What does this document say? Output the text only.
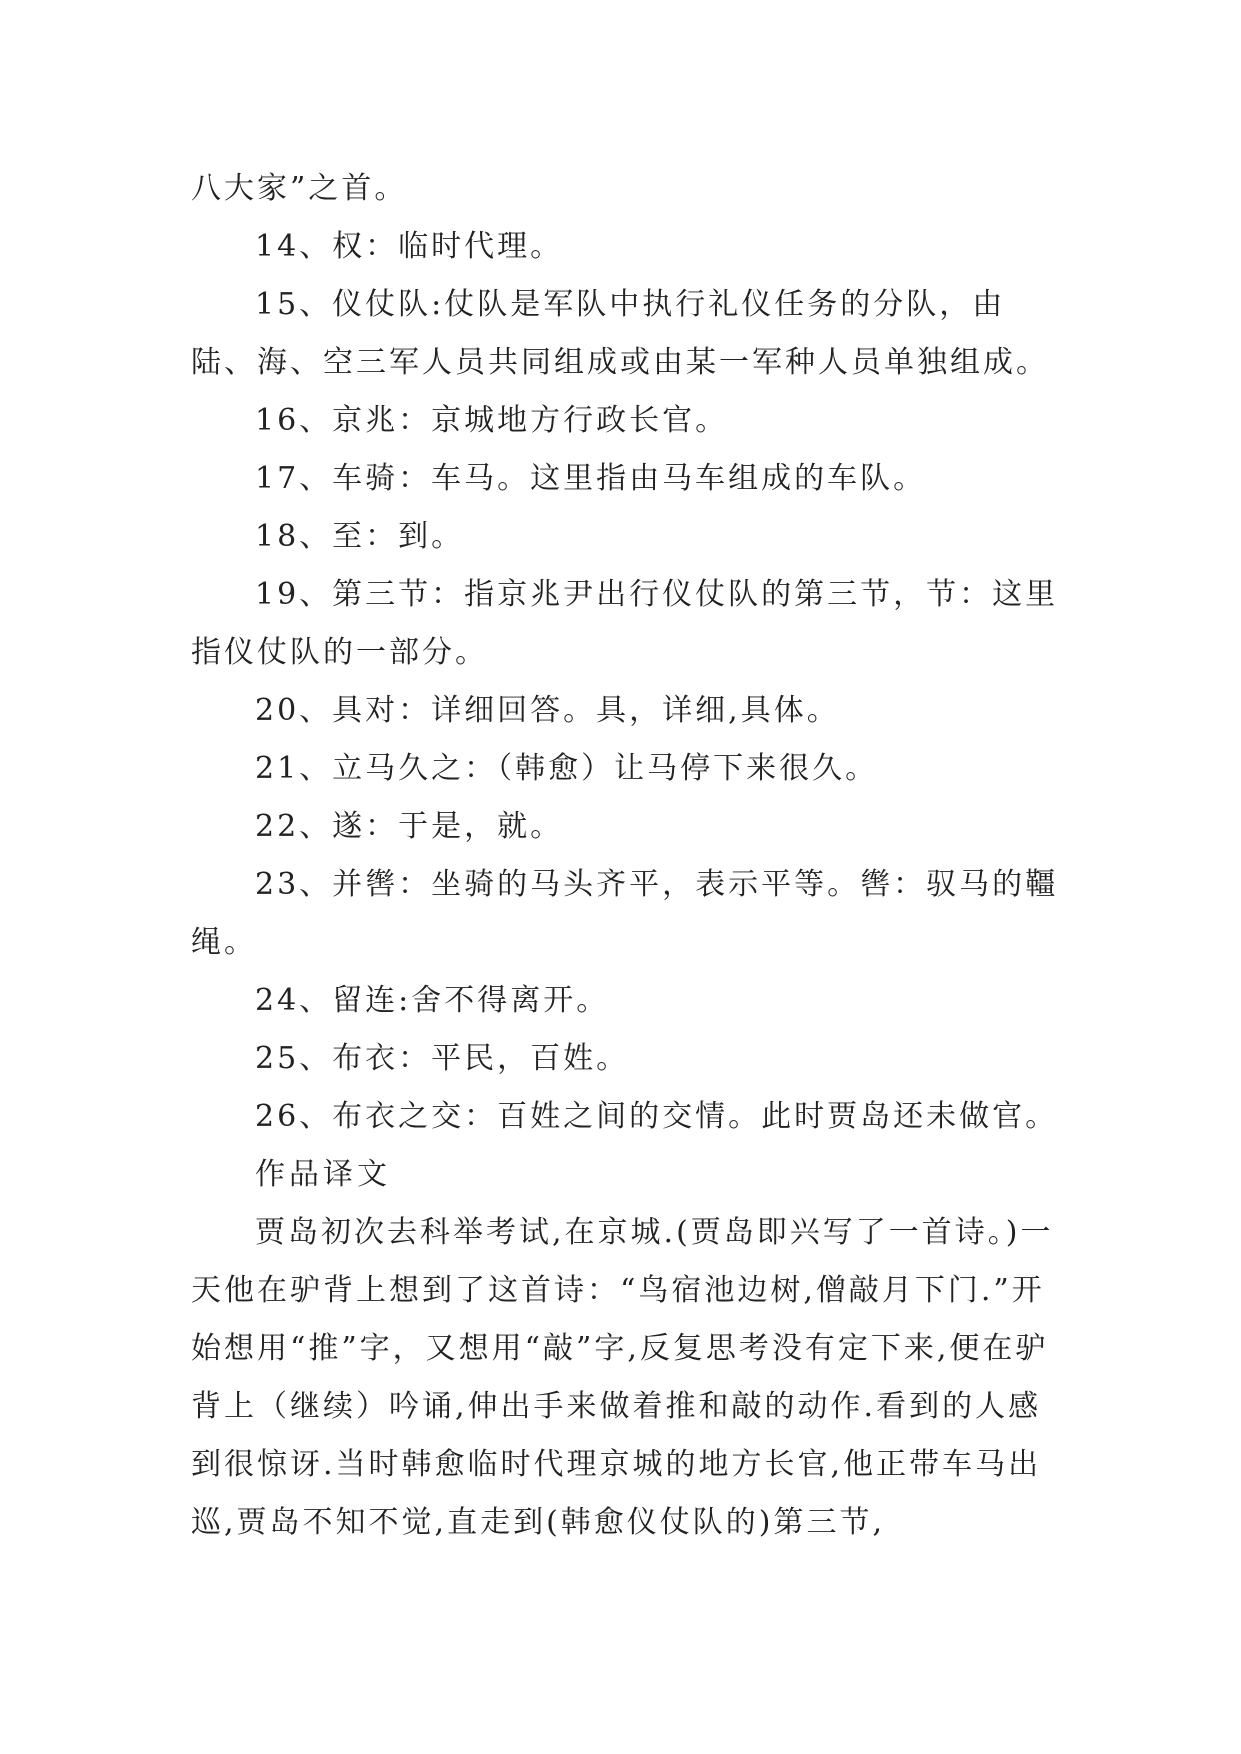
八大家”之首。

14、权：临时代理。

15、仪仗队:仗队是军队中执行礼仪任务的分队，由陆、海、空三军人员共同组成或由某一军种人员单独组成。

16、京兆：京城地方行政长官。

17、车骑：车马。这里指由马车组成的车队。

18、至：到。

19、第三节：指京兆尹出行仪仗队的第三节，节：这里指仪仗队的一部分。

20、具对：详细回答。具，详细,具体。

21、立马久之：（韩愈）让马停下来很久。

22、遂：于是，就。

23、并辔：坐骑的马头齐平，表示平等。辔：驭马的韁绳。

24、留连:舍不得离开。

25、布衣：平民，百姓。

26、布衣之交：百姓之间的交情。此时贾岛还未做官。

作品译文

贾岛初次去科举考试,在京城.(贾岛即兴写了一首诗。)一天他在驴背上想到了这首诗：“鸟宿池边树,僧敲月下门.”开始想用“推”字，又想用“敲”字,反复思考没有定下来,便在驴背上（继续）吟诵,伸出手来做着推和敲的动作.看到的人感到很惊讶.当时韩愈临时代理京城的地方长官,他正带车马出巡,贾岛不知不觉,直走到(韩愈仪仗队的)第三节,
